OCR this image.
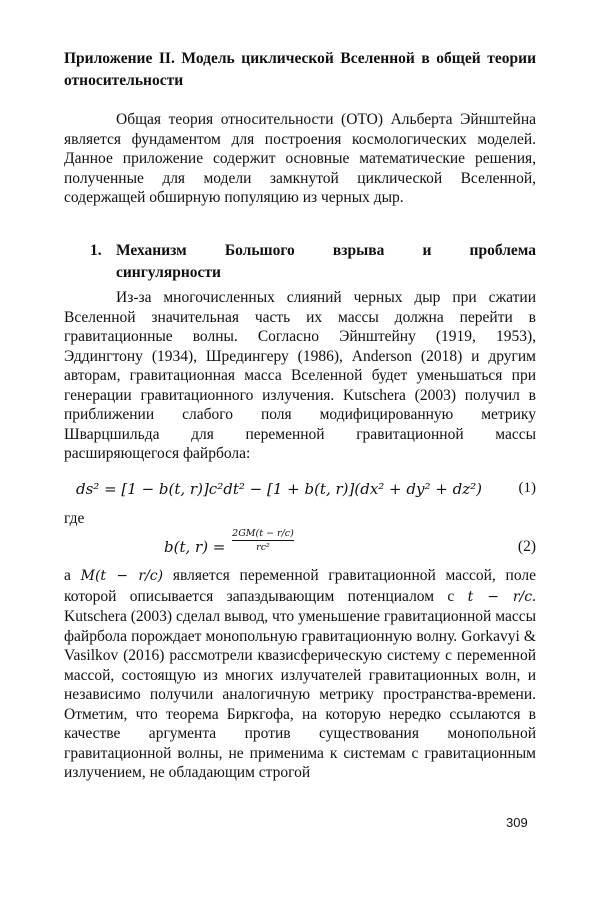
Приложение II. Модель циклической Вселенной в общей теории относительности
Общая теория относительности (ОТО) Альберта Эйнштейна является фундаментом для построения космологических моделей. Данное приложение содержит основные математические решения, полученные для модели замкнутой циклической Вселенной, содержащей обширную популяцию из черных дыр.
1. Механизм Большого взрыва и проблема
сингулярности
Из-за многочисленных слияний черных дыр при сжатии Вселенной значительная часть их массы должна перейти в гравитационные волны. Согласно Эйнштейну (1919, 1953), Эддингтону (1934), Шредингеру (1986), Anderson (2018) и другим авторам, гравитационная масса Вселенной будет уменьшаться при генерации гравитационного излучения. Kutschera (2003) получил в приближении слабого поля модифицированную метрику Шварцшильда для переменной гравитационной массы расширяющегося файрбола:
ds² = [1 − b(t, r)]c²dt² − [1 + b(t, r)](dx² + dy² + dz²) (1)
где
b(t, $r) = \frac{2GM(t - r/c)}{\text{rc²}}$	(2)
а M(t − r/c) является переменной гравитационной массой, поле которой описывается запаздывающим потенциалом с t − r/c. Kutschera (2003) сделал вывод, что уменьшение гравитационной массы файрбола порождает монопольную гравитационную волну. Gorkavyi & Vasilkov (2016) рассмотрели квазисферическую систему с переменной массой, состоящую из многих излучателей гравитационных волн, и независимо получили аналогичную метрику пространства-времени. Отметим, что теорема Биркгофа, на которую нередко ссылаются в качестве аргумента против существования монопольной гравитационной волны, не применима к системам с гравитационным излучением, не обладающим строгой
309
